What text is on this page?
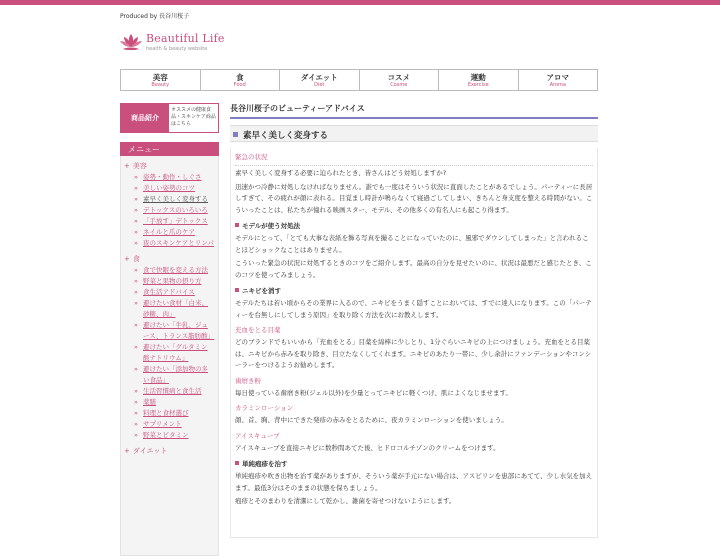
Produced by 長谷川桜子
Beautiful Life
health & beauty website
美容
Beauty
食
Food
ダイエット
Diet
コスメ
Cosme
運動
Exercise
アロマ
Aroma
商品紹介
オススメの健康食品・スキンケア商品はこちら
メニュー
+ 美容
» 姿勢・動作・しぐさ
» 美しい姿勢のコツ
» 素早く美しく変身する
» デトックスのいろいろ
» 「手放す」デトックス
» ネイルと爪のケア
» 夜のスキンケアとリンパ
+ 食
» 食で快眠を変える方法
» 野菜と果物の摂り方
» 食生活アドバイス
» 避けたい食材「白米、砂糖、肉」
» 避けたい「牛乳、ジュース、トランス脂肪酸」
» 避けたい「グルタミン酸ナトリウム」
» 避けたい「添加物の多い食品」
» 生活習慣病と食生活
» 薬膳
» 料理と食材選び
» サプリメント
» 野菜とビタミン
+ ダイエット
長谷川桜子のビューティーアドバイス
素早く美しく変身する
緊急の状況

素早く美しく変身する必要に迫られたとき、皆さんはどう対処しますか?

迅速かつ冷静に対処しなければなりません。誰でも一度はそういう状況に直面したことがあるでしょう。パーティーに長居しすぎて、その疲れが顔に表れる。目覚まし時計が鳴らなくて寝過ごしてしまい、きちんと身支度を整える時間がない。こういったことは、私たちが憧れる映画スター、モデル、その他多くの有名人にも起こり得ます。

モデルが使う対処法

モデルにとって、「とても大事な表紙を飾る写真を撮ることになっていたのに、風邪でダウンしてしまった」と言われることほどショックなことはありません。

こういった緊急の状況に対処するときのコツをご紹介します。最高の自分を見せたいのに、状況は最悪だと感じたとき、このコツを使ってみましょう。

ニキビを消す

モデルたちは若い頃からその業界に入るので、ニキビをうまく隠すことにおいては、すでに達人になります。この「パーティーを台無しにしてしまう原因」を取り除く方法を次にお教えします。

充血をとる目薬

どのブランドでもいいから「充血をとる」目薬を綿棒に少しとり、1分ぐらいニキビの上につけましょう。充血をとる目薬は、ニキビから赤みを取り除き、目立たなくしてくれます。ニキビのあたり一帯に、少し余計にファンデーションやコンシーラーをつけるようお勧めします。

歯磨き粉

毎日使っている歯磨き粉(ジェル以外)を少量とってニキビに軽くつけ、肌によくなじませます。

カラミンローション

顔、首、胸、背中にできた発疹の赤みをとるために、夜カラミンローションを使いましょう。

アイスキューブ

アイスキューブを直接ニキビに数秒間あてた後、ヒドロコルチゾンのクリームをつけます。

単純疱疹を治す

単純疱疹や吹き出物を治す薬がありますが、そういう薬が手元にない場合は、アスピリンを患部にあてて、少し水気を加えます。最低3分はそのままの状態を保ちましょう。

疱疹とそのまわりを清潔にして乾かし、雑菌を寄せつけないようにします。
